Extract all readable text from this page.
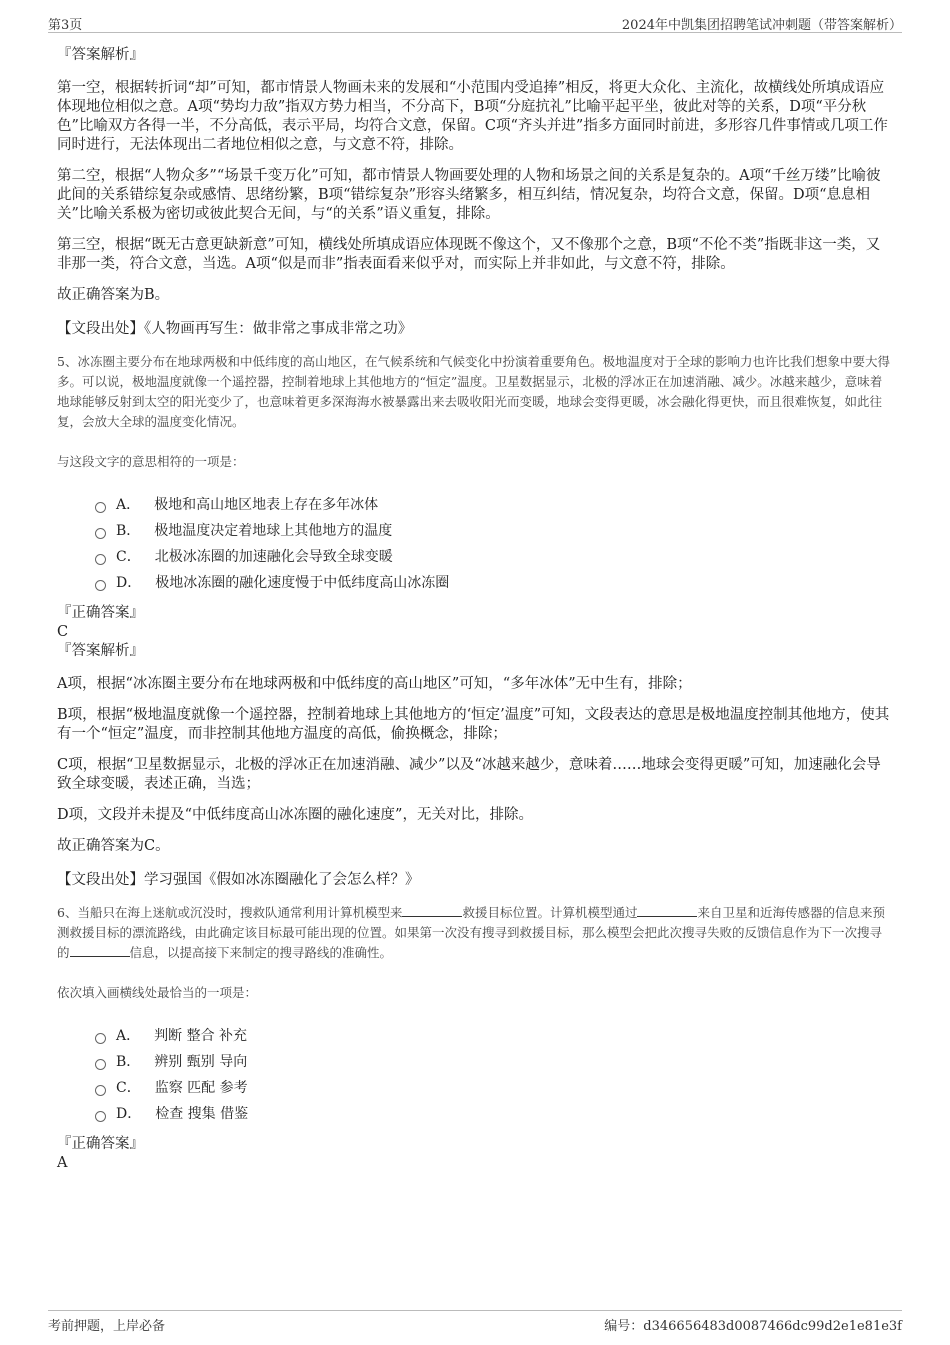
第3页	2024年中凯集团招聘笔试冲刺题（带答案解析）

『答案解析』

第一空，根据转折词“却”可知，都市情景人物画未来的发展和“小范围内受追捧”相反，将更大众化、主流化，故横线处所填成语应体现地位相似之意。A项“势均力敌”指双方势力相当，不分高下，B项“分庭抗礼”比喻平起平坐，彼此对等的关系，D项“平分秋色”比喻双方各得一半，不分高低，表示平局，均符合文意，保留。C项“齐头并进”指多方面同时前进，多形容几件事情或几项工作同时进行，无法体现出二者地位相似之意，与文意不符，排除。

第二空，根据“人物众多”“场景千变万化”可知，都市情景人物画要处理的人物和场景之间的关系是复杂的。A项“千丝万缕”比喻彼此间的关系错综复杂或感情、思绪纷繁，B项“错综复杂”形容头绪繁多，相互纠结，情况复杂，均符合文意，保留。D项“息息相关”比喻关系极为密切或彼此契合无间，与“的关系”语义重复，排除。

第三空，根据“既无古意更缺新意”可知，横线处所填成语应体现既不像这个，又不像那个之意，B项“不伦不类”指既非这一类，又非那一类，符合文意，当选。A项“似是而非”指表面看来似乎对，而实际上并非如此，与文意不符，排除。

故正确答案为B。

【文段出处】《人物画再写生：做非常之事成非常之功》

5、冰冻圈主要分布在地球两极和中低纬度的高山地区，在气候系统和气候变化中扮演着重要角色。极地温度对于全球的影响力也许比我们想象中要大得多。可以说，极地温度就像一个遥控器，控制着地球上其他地方的“恒定”温度。卫星数据显示，北极的浮冰正在加速消融、减少。冰越来越少，意味着地球能够反射到太空的阳光变少了，也意味着更多深海海水被暴露出来去吸收阳光而变暖，地球会变得更暖，冰会融化得更快，而且很难恢复，如此往复，会放大全球的温度变化情况。

与这段文字的意思相符的一项是：

A． 极地和高山地区地表上存在多年冰体
B． 极地温度决定着地球上其他地方的温度
C． 北极冰冻圈的加速融化会导致全球变暖
D． 极地冰冻圈的融化速度慢于中低纬度高山冰冻圈

『正确答案』

C

『答案解析』

A项，根据“冰冻圈主要分布在地球两极和中低纬度的高山地区”可知，“多年冰体”无中生有，排除；

B项，根据“极地温度就像一个遥控器，控制着地球上其他地方的‘恒定’温度”可知，文段表达的意思是极地温度控制其他地方，使其有一个“恒定”温度，而非控制其他地方温度的高低，偷换概念，排除；

C项，根据“卫星数据显示，北极的浮冰正在加速消融、减少”以及“冰越来越少，意味着……地球会变得更暖”可知，加速融化会导致全球变暖，表述正确，当选；

D项，文段并未提及“中低纬度高山冰冻圈的融化速度”，无关对比，排除。

故正确答案为C。

【文段出处】学习强国《假如冰冻圈融化了会怎么样？》

6、当船只在海上迷航或沉没时，搜救队通常利用计算机模型来	救援目标位置。计算机模型通过	来自卫星和近海传感器的信息来预测救援目标的漂流路线，由此确定该目标最可能出现的位置。如果第一次没有搜寻到救援目标，那么模型会把此次搜寻失败的反馈信息作为下一次搜寻的	信息，以提高接下来制定的搜寻路线的准确性。

依次填入画横线处最恰当的一项是：

A． 判断 整合 补充
B． 辨别 甄别 导向
C． 监察 匹配 参考
D． 检查 搜集 借鉴

『正确答案』

A

考前押题，上岸必备	编号：d346656483d0087466dc99d2e1e81e3f
